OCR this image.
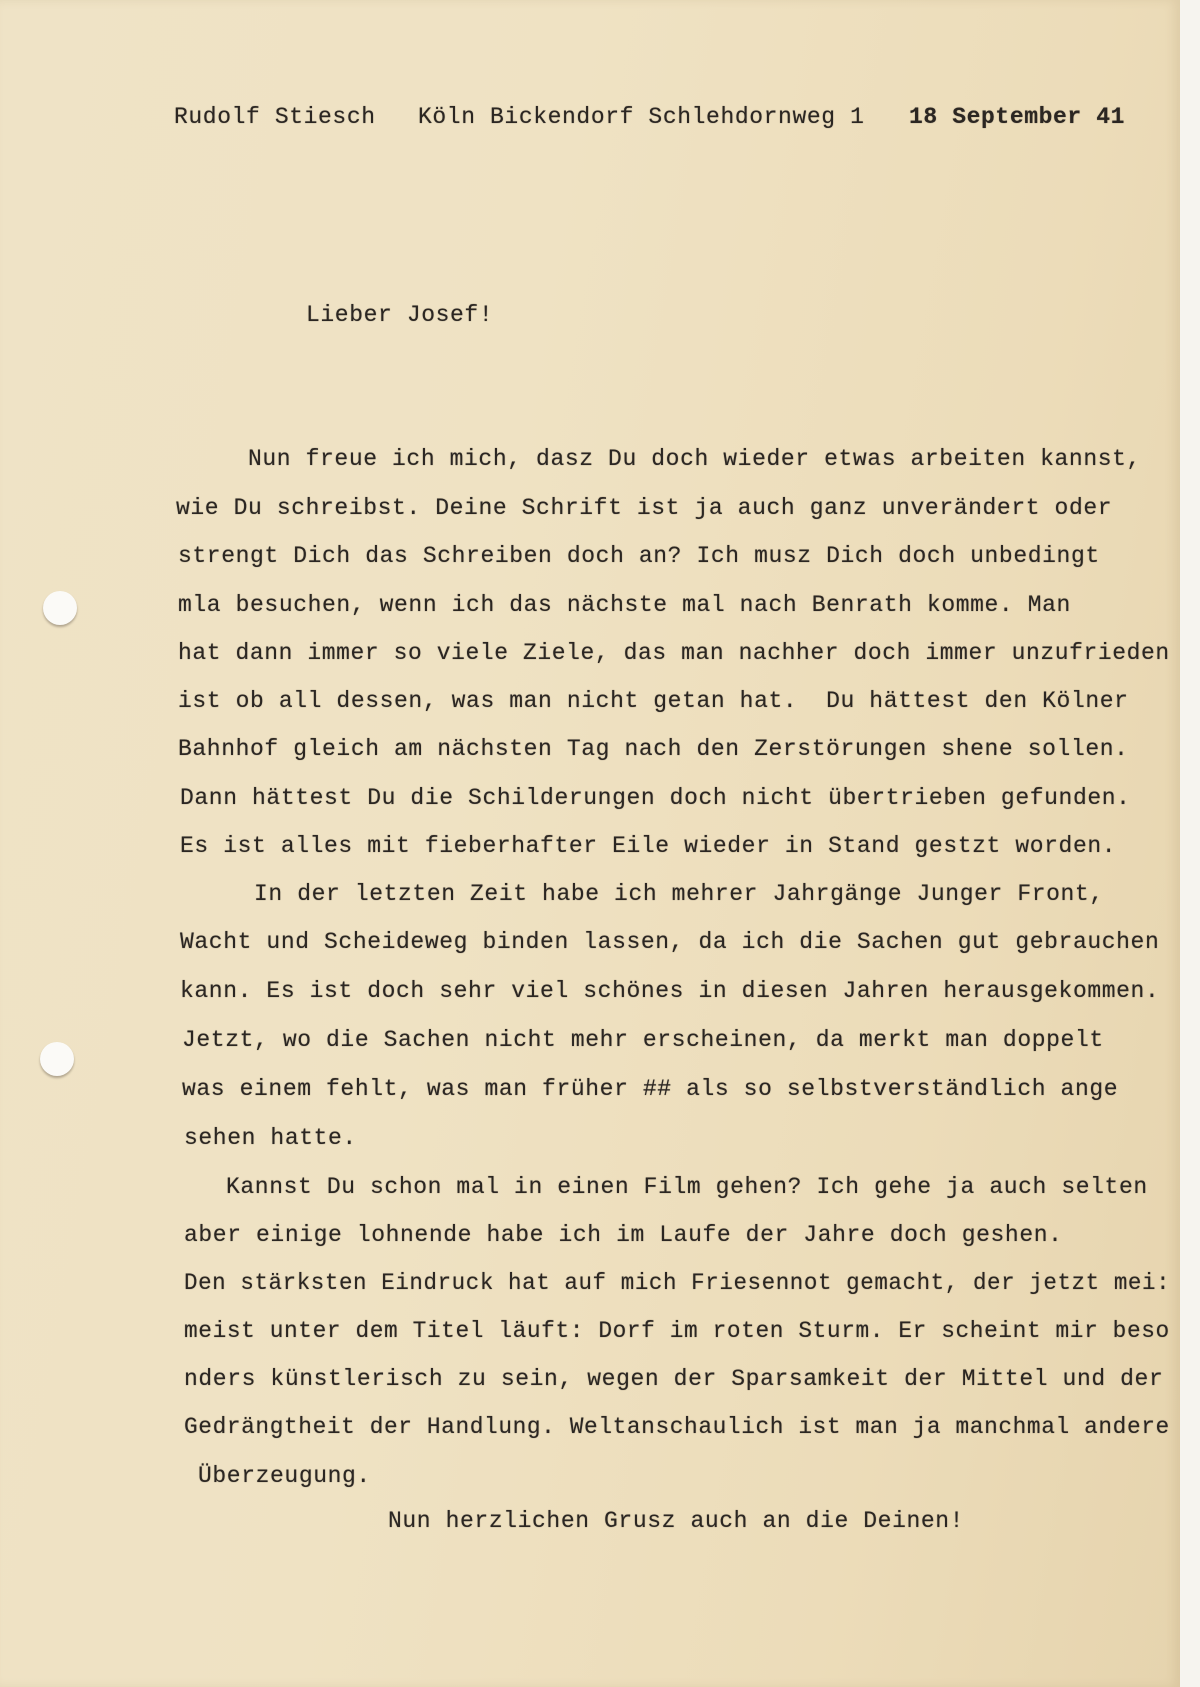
Rudolf Stiesch Köln Bickendorf Schlehdornweg 1 18 September 41
Lieber Josef!
Nun freue ich mich, dasz Du doch wieder etwas arbeiten kannst,
wie Du schreibst. Deine Schrift ist ja auch ganz unverändert oder
strengt Dich das Schreiben doch an? Ich musz Dich doch unbedingt
mla besuchen, wenn ich das nächste mal nach Benrath komme. Man
hat dann immer so viele Ziele, das man nachher doch immer unzufrieden
ist ob all dessen, was man nicht getan hat.  Du hättest den Kölner
Bahnhof gleich am nächsten Tag nach den Zerstörungen shene sollen.
Dann hättest Du die Schilderungen doch nicht übertrieben gefunden.
Es ist alles mit fieberhafter Eile wieder in Stand gestzt worden.
In der letzten Zeit habe ich mehrer Jahrgänge Junger Front,
Wacht und Scheideweg binden lassen, da ich die Sachen gut gebrauchen
kann. Es ist doch sehr viel schönes in diesen Jahren herausgekommen.
Jetzt, wo die Sachen nicht mehr erscheinen, da merkt man doppelt
was einem fehlt, was man früher ## als so selbstverständlich ange
sehen hatte.
Kannst Du schon mal in einen Film gehen? Ich gehe ja auch selten
aber einige lohnende habe ich im Laufe der Jahre doch geshen.
Den stärksten Eindruck hat auf mich Friesennot gemacht, der jetzt mei:
meist unter dem Titel läuft: Dorf im roten Sturm. Er scheint mir beso
nders künstlerisch zu sein, wegen der Sparsamkeit der Mittel und der
Gedrängtheit der Handlung. Weltanschaulich ist man ja manchmal andere
Überzeugung.
Nun herzlichen Grusz auch an die Deinen!
